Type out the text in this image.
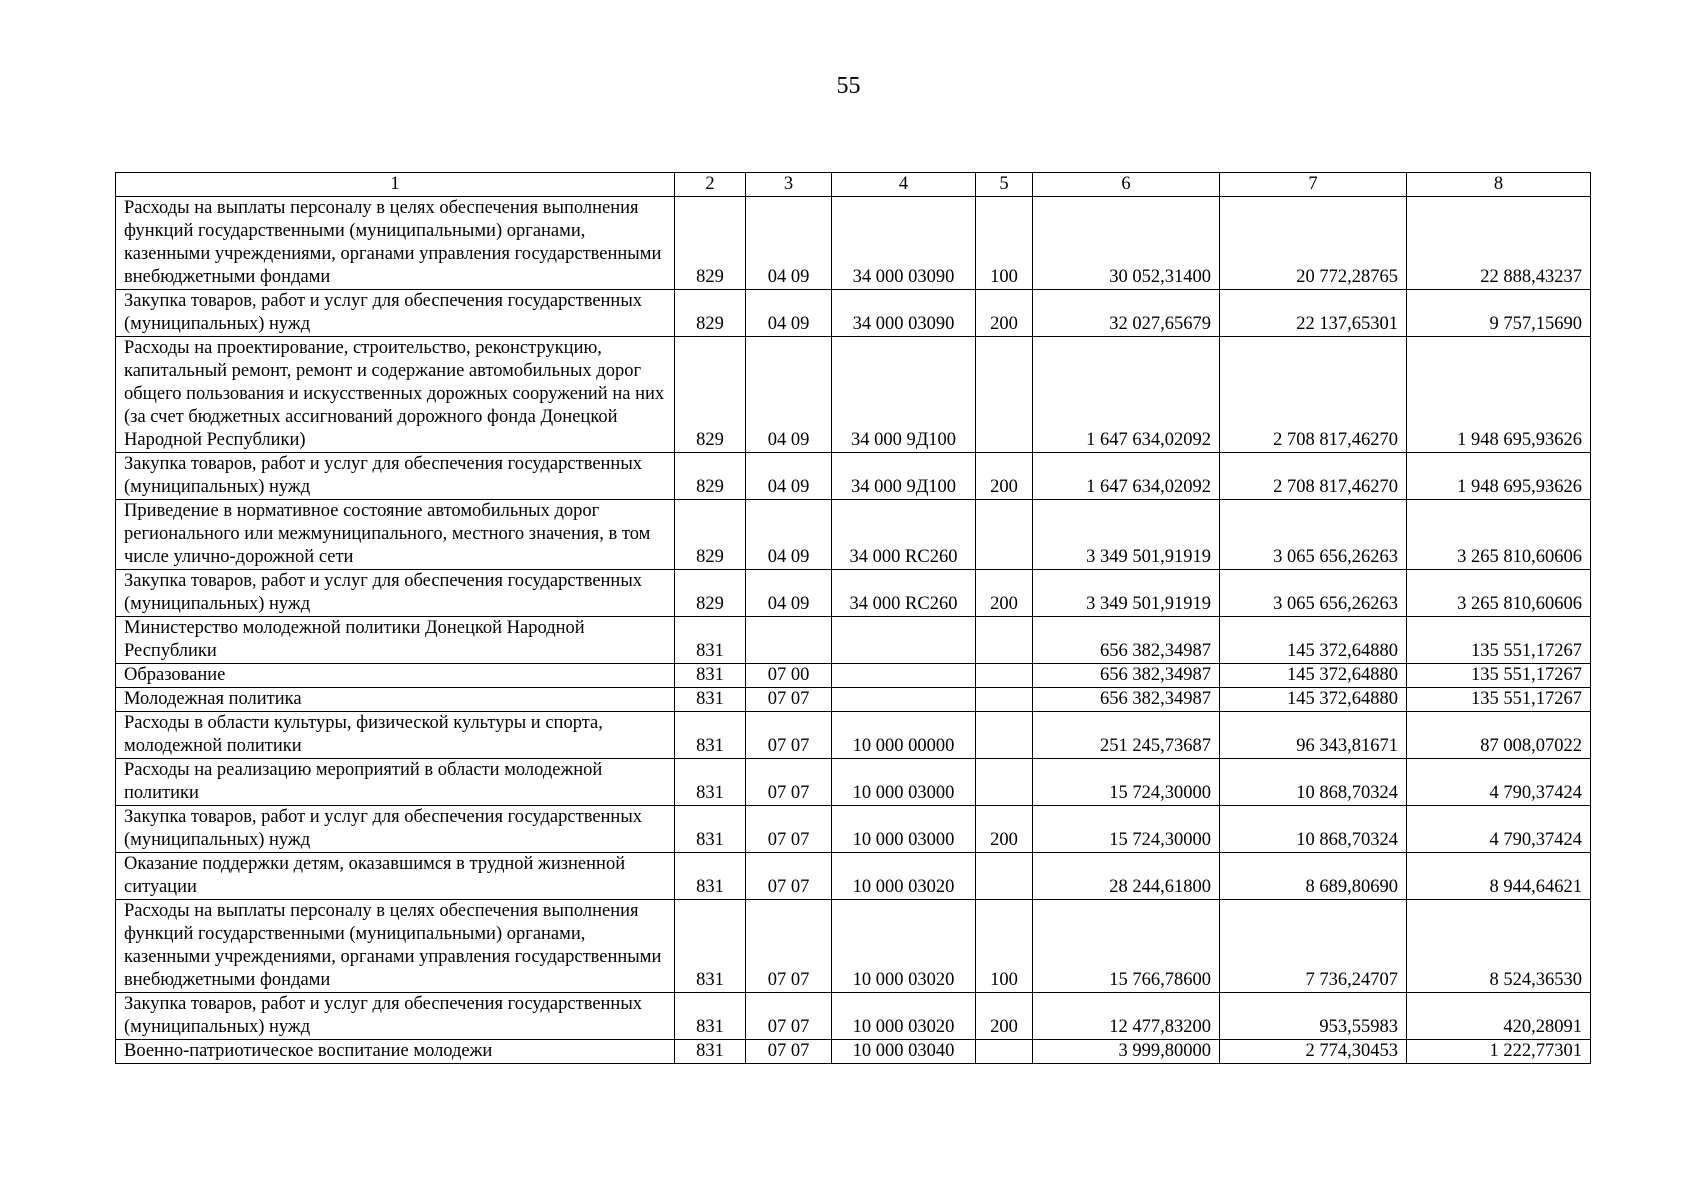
55
1	2	3	4	5	6	7	8
Расходы на выплаты персоналу в целях обеспечения выполнения функций государственными (муниципальными) органами, казенными учреждениями, органами управления государственными внебюджетными фондами	829	04 09	34 000 03090	100	30 052,31400	20 772,28765	22 888,43237
Закупка товаров, работ и услуг для обеспечения государственных (муниципальных) нужд	829	04 09	34 000 03090	200	32 027,65679	22 137,65301	9 757,15690
Расходы на проектирование, строительство, реконструкцию, капитальный ремонт, ремонт и содержание автомобильных дорог общего пользования и искусственных дорожных сооружений на них (за счет бюджетных ассигнований дорожного фонда Донецкой Народной Республики)	829	04 09	34 000 9Д100		1 647 634,02092	2 708 817,46270	1 948 695,93626
Закупка товаров, работ и услуг для обеспечения государственных (муниципальных) нужд	829	04 09	34 000 9Д100	200	1 647 634,02092	2 708 817,46270	1 948 695,93626
Приведение в нормативное состояние автомобильных дорог регионального или межмуниципального, местного значения, в том числе улично-дорожной сети	829	04 09	34 000 RC260		3 349 501,91919	3 065 656,26263	3 265 810,60606
Закупка товаров, работ и услуг для обеспечения государственных (муниципальных) нужд	829	04 09	34 000 RC260	200	3 349 501,91919	3 065 656,26263	3 265 810,60606
Министерство молодежной политики Донецкой Народной Республики	831				656 382,34987	145 372,64880	135 551,17267
Образование	831	07 00			656 382,34987	145 372,64880	135 551,17267
Молодежная политика	831	07 07			656 382,34987	145 372,64880	135 551,17267
Расходы в области культуры, физической культуры и спорта, молодежной политики	831	07 07	10 000 00000		251 245,73687	96 343,81671	87 008,07022
Расходы на реализацию мероприятий в области молодежной политики	831	07 07	10 000 03000		15 724,30000	10 868,70324	4 790,37424
Закупка товаров, работ и услуг для обеспечения государственных (муниципальных) нужд	831	07 07	10 000 03000	200	15 724,30000	10 868,70324	4 790,37424
Оказание поддержки детям, оказавшимся в трудной жизненной ситуации	831	07 07	10 000 03020		28 244,61800	8 689,80690	8 944,64621
Расходы на выплаты персоналу в целях обеспечения выполнения функций государственными (муниципальными) органами, казенными учреждениями, органами управления государственными внебюджетными фондами	831	07 07	10 000 03020	100	15 766,78600	7 736,24707	8 524,36530
Закупка товаров, работ и услуг для обеспечения государственных (муниципальных) нужд	831	07 07	10 000 03020	200	12 477,83200	953,55983	420,28091
Военно-патриотическое воспитание молодежи	831	07 07	10 000 03040		3 999,80000	2 774,30453	1 222,77301
